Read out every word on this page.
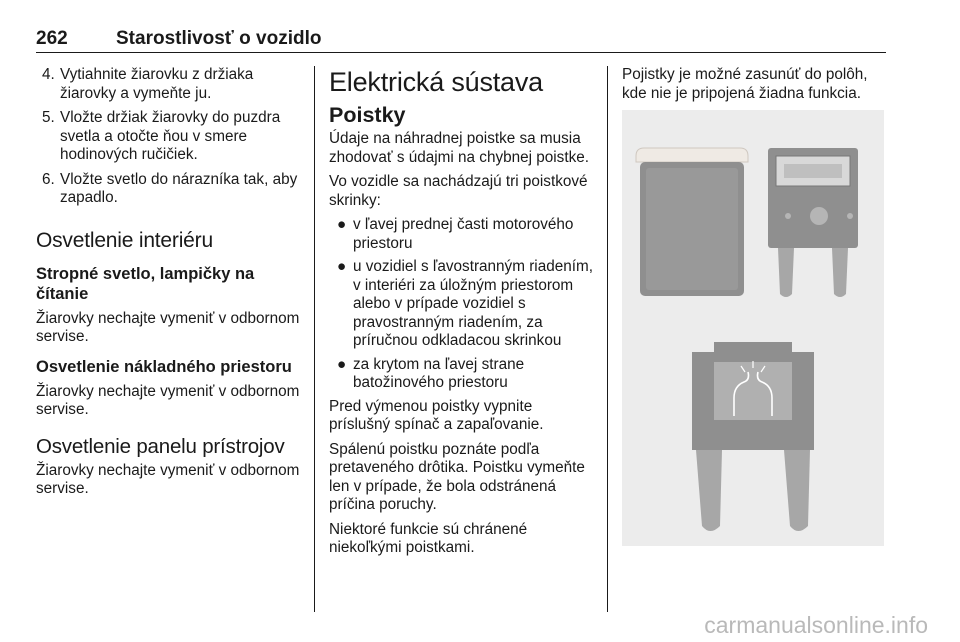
262	Starostlivosť o vozidlo
4. Vytiahnite žiarovku z držiaka žiarovky a vymeňte ju.
5. Vložte držiak žiarovky do puzdra svetla a otočte ňou v smere hodinových ručičiek.
6. Vložte svetlo do nárazníka tak, aby zapadlo.
Osvetlenie interiéru
Stropné svetlo, lampičky na čítanie

Žiarovky nechajte vymeniť v odbornom servise.

Osvetlenie nákladného priestoru

Žiarovky nechajte vymeniť v odbornom servise.

Osvetlenie panelu prístrojov

Žiarovky nechajte vymeniť v odbornom servise.

Elektrická sústava
Poistky

Údaje na náhradnej poistke sa musia zhodovať s údajmi na chybnej poistke.

Vo vozidle sa nachádzajú tri poistkové skrinky:

● v ľavej prednej časti motorového priestoru
● u vozidiel s ľavostranným riadením, v interiéri za úložným priestorom alebo v prípade vozidiel s pravostranným riadením, za príručnou odkladacou skrinkou
● za krytom na ľavej strane batožinového priestoru

Pred výmenou poistky vypnite príslušný spínač a zapaľovanie.

Spálenú poistku poznáte podľa pretaveného drôtika. Poistku vymeňte len v prípade, že bola odstránená príčina poruchy.

Niektoré funkcie sú chránené niekoľkými poistkami.

Pojistky je možné zasunúť do polôh, kde nie je pripojená žiadna funkcia.

carmanualsonline.info
